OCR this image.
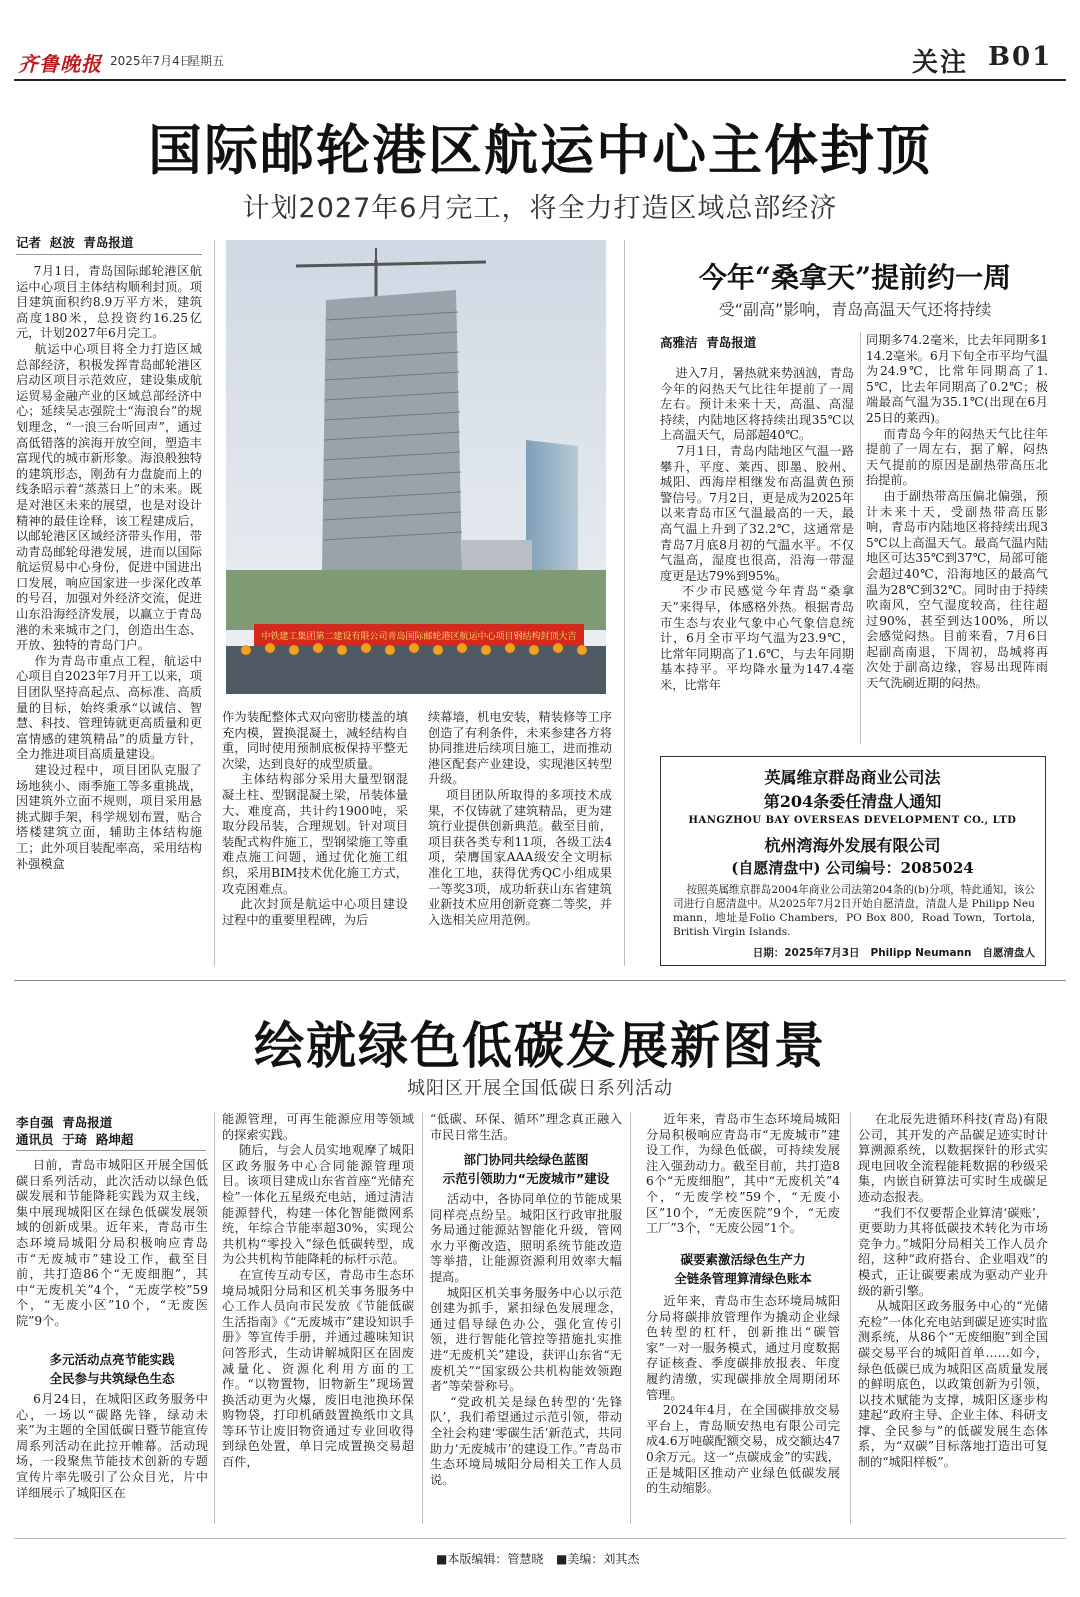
齐鲁晚报 2025年7月4日
星期五	关注 B01
国际邮轮港区航运中心主体封顶
计划2027年6月完工，将全力打造区域总部经济
记者  赵波  青岛报道

7月1日，青岛国际邮轮港区航运中心项目主体结构顺利封顶。项目建筑面积约8.9万平方米，建筑高度180米，总投资约16.25亿元，计划2027年6月完工。
航运中心项目将全力打造区域总部经济，积极发挥青岛邮轮港区启动区项目示范效应，建设集成航运贸易金融产业的区域总部经济中心；延续吴志强院士“海浪台”的规划理念，“一浪三台听回声”，通过高低错落的滨海开放空间，塑造丰富现代的城市新形象。海浪般独特的建筑形态，刚劲有力盘旋而上的线条昭示着“蒸蒸日上”的未来。既是对港区未来的展望，也是对设计精神的最佳诠释，该工程建成后，以邮轮港区区域经济带头作用，带动青岛邮轮母港发展，进而以国际航运贸易中心身份，促进中国进出口发展，响应国家进一步深化改革的号召，加强对外经济交流，促进山东沿海经济发展，以赢立于青岛港的未来城市之门，创造出生态、开放、独特的青岛门户。
作为青岛市重点工程，航运中心项目自2023年7月开工以来，项目团队坚持高起点、高标准、高质量的目标，始终秉承“以诚信、智慧、科技、管理铸就更高质量和更富情感的建筑精品”的质量方针，全力推进项目高质量建设。
建设过程中，项目团队克服了场地狭小、雨季施工等多重挑战，因建筑外立面不规则，项目采用悬挑式脚手架，科学规划布置，贴合塔楼建筑立面，辅助主体结构施工；此外项目装配率高，采用结构补强模盒

中铁建工集团第二建设有限公司青岛国际邮轮港区航运中心项目钢结构封顶大吉

作为装配整体式双向密肋楼盖的填充内模，置换混凝土，减轻结构自重，同时使用预制底板保持平整无次梁，达到良好的成型质量。
主体结构部分采用大量型钢混凝土柱、型钢混凝土梁，吊装体量大、难度高，共计约1900吨，采取分段吊装，合理规划。针对项目装配式构件施工，型钢梁施工等重难点施工问题，通过优化施工组织，采用BIM技术优化施工方式，攻克困难点。
此次封顶是航运中心项目建设过程中的重要里程碑，为后

续幕墙，机电安装，精装修等工序创造了有利条件，未来参建各方将协同推进后续项目施工，进而推动港区配套产业建设，实现港区转型升级。
项目团队所取得的多项技术成果，不仅铸就了建筑精品，更为建筑行业提供创新典范。截至目前，项目获各类专利11项，各级工法4项，荣膺国家AAA级安全文明标准化工地，获得优秀QC小组成果一等奖3项，成功斩获山东省建筑业新技术应用创新竞赛二等奖，并入选相关应用范例。

今年“桑拿天”提前约一周
受“副高”影响，青岛高温天气还将持续
高雅洁  青岛报道

进入7月，暑热就来势汹汹，青岛今年的闷热天气比往年提前了一周左右。预计未来十天，高温、高湿持续，内陆地区将持续出现35℃以上高温天气，局部超40℃。
7月1日，青岛内陆地区气温一路攀升，平度、莱西、即墨、胶州、城阳、西海岸相继发布高温黄色预警信号。7月2日，更是成为2025年以来青岛市区气温最高的一天，最高气温上升到了32.2℃，这通常是青岛7月底8月初的气温水平。不仅气温高，湿度也很高，沿海一带湿度更是达79%到95%。
不少市民感觉今年青岛“桑拿天”来得早，体感格外热。根据青岛市生态与农业气象中心气象信息统计，6月全市平均气温为23.9℃，比常年同期高了1.6℃，与去年同期基本持平。平均降水量为147.4毫米，比常年

同期多74.2毫米，比去年同期多114.2毫米。6月下旬全市平均气温为24.9℃，比常年同期高了1.5℃，比去年同期高了0.2℃；极端最高气温为35.1℃(出现在6月25日的莱西)。
而青岛今年的闷热天气比往年提前了一周左右，据了解，闷热天气提前的原因是副热带高压北抬提前。
由于副热带高压偏北偏强，预计未来十天，受副热带高压影响，青岛市内陆地区将持续出现35℃以上高温天气。最高气温内陆地区可达35℃到37℃，局部可能会超过40℃，沿海地区的最高气温为28℃到32℃。同时由于持续吹南风，空气湿度较高，往往超过90%，甚至到达100%，所以会感觉闷热。目前来看，7月6日起副高南退，下周初，岛城将再次处于副高边缘，容易出现阵雨天气洗刷近期的闷热。

英属维京群岛商业公司法
第204条委任清盘人通知
HANGZHOU BAY OVERSEAS DEVELOPMENT CO., LTD
杭州湾海外发展有限公司
(自愿清盘中) 公司编号：2085024

按照英属维京群岛2004年商业公司法第204条的(b)分项，特此通知，该公司进行自愿清盘中。从2025年7月2日开始自愿清盘，清盘人是 Philipp Neumann，地址是Folio Chambers,  PO Box 800,  Road Town,  Tortola,  British Virgin Islands.

日期：2025年7月3日   Philipp Neumann   自愿清盘人
绘就绿色低碳发展新图景
城阳区开展全国低碳日系列活动
李自强  青岛报道
通讯员  于琦  路坤超

日前，青岛市城阳区开展全国低碳日系列活动，此次活动以绿色低碳发展和节能降耗实践为双主线，集中展现城阳区在绿色低碳发展领域的创新成果。近年来，青岛市生态环境局城阳分局积极响应青岛市“无废城市”建设工作，截至目前，共打造86个“无废细胞”，其中“无废机关”4个，“无废学校”59个，“无废小区”10个，“无废医院”9个。

多元活动点亮节能实践
全民参与共筑绿色生态

6月24日，在城阳区政务服务中心，一场以“碳路先锋，绿动未来”为主题的全国低碳日暨节能宣传周系列活动在此拉开帷幕。活动现场，一段聚焦节能技术创新的专题宣传片率先吸引了公众目光，片中详细展示了城阳区在

能源管理，可再生能源应用等领域的探索实践。
随后，与会人员实地观摩了城阳区政务服务中心合同能源管理项目。该项目建成山东省首座“光储充检”一体化五星级充电站，通过清洁能源替代，构建一体化智能微网系统，年综合节能率超30%，实现公共机构“零投入”绿色低碳转型，成为公共机构节能降耗的标杆示范。
在宣传互动专区，青岛市生态环境局城阳分局和区机关事务服务中心工作人员向市民发放《节能低碳生活指南》《“无废城市”建设知识手册》等宣传手册，并通过趣味知识问答形式，生动讲解城阳区在固废减量化、资源化利用方面的工作。“以物置物，旧物新生”现场置换活动更为火爆，废旧电池换环保购物袋，打印机硒鼓置换纸巾文具等环节让废旧物资通过专业回收得到绿色处置，单日完成置换交易超百件，

“低碳、环保、循环”理念真正融入市民日常生活。

部门协同共绘绿色蓝图
示范引领助力“无废城市”建设

活动中，各协同单位的节能成果同样亮点纷呈。城阳区行政审批服务局通过能源站智能化升级，管网水力平衡改造，照明系统节能改造等举措，让能源资源利用效率大幅提高。
城阳区机关事务服务中心以示范创建为抓手，紧扣绿色发展理念，通过倡导绿色办公，强化宣传引领，进行智能化管控等措施扎实推进“无废机关”建设，获评山东省“无废机关”“国家级公共机构能效领跑者”等荣誉称号。
“党政机关是绿色转型的‘先锋队’，我们希望通过示范引领，带动全社会构建‘零碳生活’新范式，共同助力‘无废城市’的建设工作。”青岛市生态环境局城阳分局相关工作人员说。

近年来，青岛市生态环境局城阳分局积极响应青岛市“无废城市”建设工作，为绿色低碳，可持续发展注入强劲动力。截至目前，共打造86个“无废细胞”，其中“无废机关”4个，“无废学校”59个，“无废小区”10个，“无废医院”9个，“无废工厂”3个，“无废公园”1个。

碳要素激活绿色生产力
全链条管理算清绿色账本

近年来，青岛市生态环境局城阳分局将碳排放管理作为撬动企业绿色转型的杠杆，创新推出“碳管家”一对一服务模式，通过月度数据存证核查、季度碳排放报表、年度履约清缴，实现碳排放全周期闭环管理。
2024年4月，在全国碳排放交易平台上，青岛顺安热电有限公司完成4.6万吨碳配额交易，成交额达470余万元。这一“点碳成金”的实践，正是城阳区推动产业绿色低碳发展的生动缩影。

在北辰先进循环科技(青岛)有限公司，其开发的产品碳足迹实时计算溯源系统，以数据探针的形式实现电回收全流程能耗数据的秒级采集，内嵌自研算法可实时生成碳足迹动态报表。
“我们不仅要帮企业算清‘碳账’，更要助力其将低碳技术转化为市场竞争力。”城阳分局相关工作人员介绍，这种“政府搭台、企业唱戏”的模式，正让碳要素成为驱动产业升级的新引擎。
从城阳区政务服务中心的“光储充检”一体化充电站到碳足迹实时监测系统，从86个“无废细胞”到全国碳交易平台的城阳首单……如今，绿色低碳已成为城阳区高质量发展的鲜明底色，以政策创新为引领，以技术赋能为支撑，城阳区逐步构建起“政府主导、企业主体、科研支撑、全民参与”的低碳发展生态体系，为“双碳”目标落地打造出可复制的“城阳样板”。

■本版编辑：管慧晓 ■美编：刘其杰
